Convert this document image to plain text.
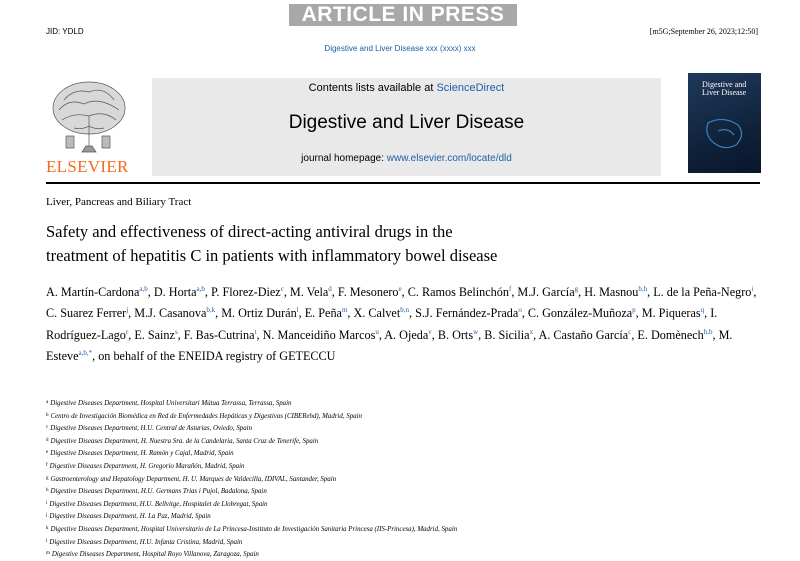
ARTICLE IN PRESS
JID: YDLD	[m5G;September 26, 2023;12:50]
Digestive and Liver Disease xxx (xxxx) xxx
ELSEVIER
Contents lists available at ScienceDirect
Digestive and Liver Disease
journal homepage: www.elsevier.com/locate/dld
Digestive and Liver Disease
Liver, Pancreas and Biliary Tract
Safety and effectiveness of direct-acting antiviral drugs in the
treatment of hepatitis C in patients with inflammatory bowel disease
A. Martín-Cardona$^{a,b}$, D. Horta$^{a,b}$, P. Florez-Diez$^c$, M. Vela$^d$, F. Mesonero$^e$, C. Ramos Belinchón$^f$, M.J. García$^g$, H. Masnou$^{b,h}$, L. de la Peña-Negro$^i$, C. Suarez Ferrer$^j$, M.J. Casanova$^{b,k}$, M. Ortiz Durán$^l$, E. Peña$^m$, X. Calvet$^{b,n}$, S.J. Fernández-Prada$^o$, C. González-Muñoza$^p$, M. Piqueras$^q$, I. Rodríguez-Lago$^r$, E. Sainz$^s$, F. Bas-Cutrina$^t$, N. Manceidiño Marcos$^u$, A. Ojeda$^v$, B. Orts$^w$, B. Sicilia$^x$, A. Castaño García$^c$, E. Domènech$^{h,b}$, M. Esteve$^{a,b,*}$, on behalf of the ENEIDA registry of GETECCU
$^a$ Digestive Diseases Department, Hospital Universitari Mútua Terrassa, Terrassa, Spain
$^b$ Centro de Investigación Biomédica en Red de Enfermedades Hepáticas y Digestivas (CIBERehd), Madrid, Spain
$^c$ Digestive Diseases Department, H.U. Central de Asturias, Oviedo, Spain
$^d$ Digestive Diseases Department, H. Nuestra Sra. de la Candelaria, Santa Cruz de Tenerife, Spain
$^e$ Digestive Diseases Department, H. Ramón y Cajal, Madrid, Spain
$^f$ Digestive Diseases Department, H. Gregorio Marañón, Madrid, Spain
$^g$ Gastroenterology and Hepatology Department, H. U. Marques de Valdecilla, IDIVAL, Santander, Spain
$^h$ Digestive Diseases Department, H.U. Germans Trias i Pujol, Badalona, Spain
$^i$ Digestive Diseases Department, H.U. Bellvitge, Hospitalet de Llobregat, Spain
$^j$ Digestive Diseases Department, H. La Paz, Madrid, Spain
$^k$ Digestive Diseases Department, Hospital Universitario de La Princesa-Instituto de Investigación Sanitaria Princesa (IIS-Princesa), Madrid, Spain
$^l$ Digestive Diseases Department, H.U. Infanta Cristina, Madrid, Spain
$^m$ Digestive Diseases Department, Hospital Royo Villanova, Zaragoza, Spain
